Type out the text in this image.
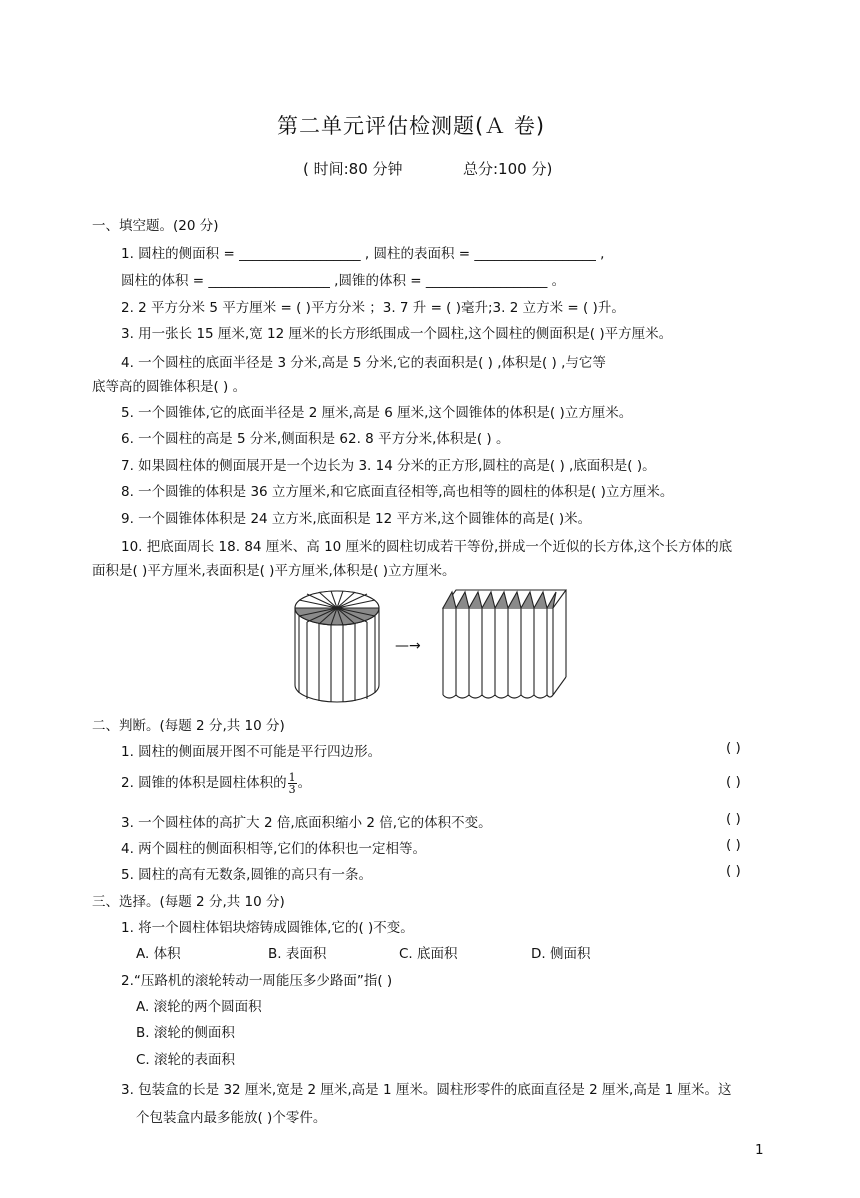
第二单元评估检测题(Ａ 卷)
( 时间:80 分钟	总分:100 分)
一、填空题。(20 分)
1. 圆柱的侧面积 = __________________ , 圆柱的表面积 = __________________ ,
圆柱的体积 = __________________ ,圆锥的体积 = __________________ 。
2. 2 平方分米 5 平方厘米 = ( )平方分米 ；3. 7 升 = ( )毫升;3. 2 立方米 = ( )升。
3. 用一张长 15 厘米,宽 12 厘米的长方形纸围成一个圆柱,这个圆柱的侧面积是( )平方厘米。
4. 一个圆柱的底面半径是 3 分米,高是 5 分米,它的表面积是( ) ,体积是( ) ,与它等
底等高的圆锥体积是( ) 。
5. 一个圆锥体,它的底面半径是 2 厘米,高是 6 厘米,这个圆锥体的体积是( )立方厘米。
6. 一个圆柱的高是 5 分米,侧面积是 62. 8 平方分米,体积是( ) 。
7. 如果圆柱体的侧面展开是一个边长为 3. 14 分米的正方形,圆柱的高是( ) ,底面积是( )。
8. 一个圆锥的体积是 36 立方厘米,和它底面直径相等,高也相等的圆柱的体积是( )立方厘米。
9. 一个圆锥体体积是 24 立方米,底面积是 12 平方米,这个圆锥体的高是( )米。
10. 把底面周长 18. 84 厘米、高 10 厘米的圆柱切成若干等份,拼成一个近似的长方体,这个长方体的底
面积是( )平方厘米,表面积是( )平方厘米,体积是( )立方厘米。
—→
二、判断。(每题 2 分,共 10 分)
1. 圆柱的侧面展开图不可能是平行四边形。	( )
2. 圆锥的体积是圆柱体积的 $\frac{1}{3}$ 。	( )
3. 一个圆柱体的高扩大 2 倍,底面积缩小 2 倍,它的体积不变。	( )
4. 两个圆柱的侧面积相等,它们的体积也一定相等。	( )
5. 圆柱的高有无数条,圆锥的高只有一条。	( )
三、选择。(每题 2 分,共 10 分)
1. 将一个圆柱体铝块熔铸成圆锥体,它的( )不变。
A. 体积	B. 表面积	C. 底面积	D. 侧面积
2.“压路机的滚轮转动一周能压多少路面”指( )
A. 滚轮的两个圆面积
B. 滚轮的侧面积
C. 滚轮的表面积
3. 包装盒的长是 32 厘米,宽是 2 厘米,高是 1 厘米。圆柱形零件的底面直径是 2 厘米,高是 1 厘米。这
个包装盒内最多能放( )个零件。
1
